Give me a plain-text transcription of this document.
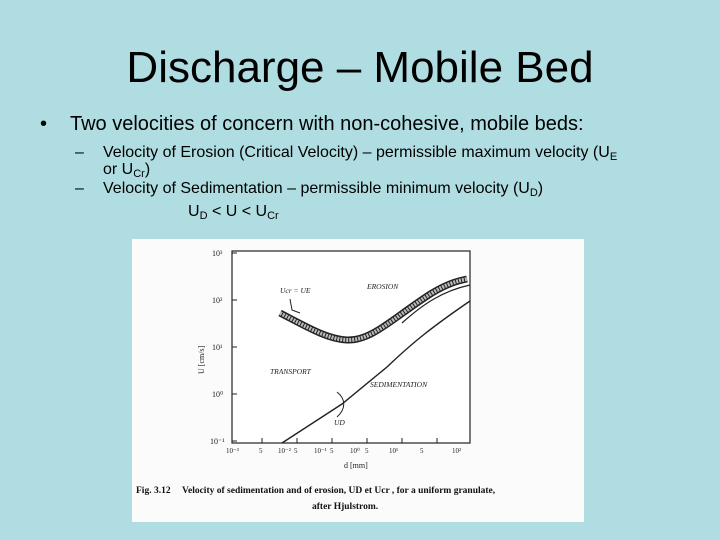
Discharge – Mobile Bed
• Two velocities of concern with non-cohesive, mobile beds:
– Velocity of Erosion (Critical Velocity) – permissible maximum velocity ($U_E$
or $U_{Cr}$)
– Velocity of Sedimentation – permissible minimum velocity $(U_D)$
$U_D < U < U_{Cr}$
10³
10²
10¹
10⁰
10⁻¹
10⁻³	5 10⁻² 5 10⁻¹ 5 10⁰ 5	10¹	5	10²
d [mm]
U [cm/s]
Ucr = UE	EROSION
TRANSPORT
SEDIMENTATION
UD
Fig. 3.12 Velocity of sedimentation and of erosion, UD et Ucr , for a uniform granulate,
after Hjulstrom.
